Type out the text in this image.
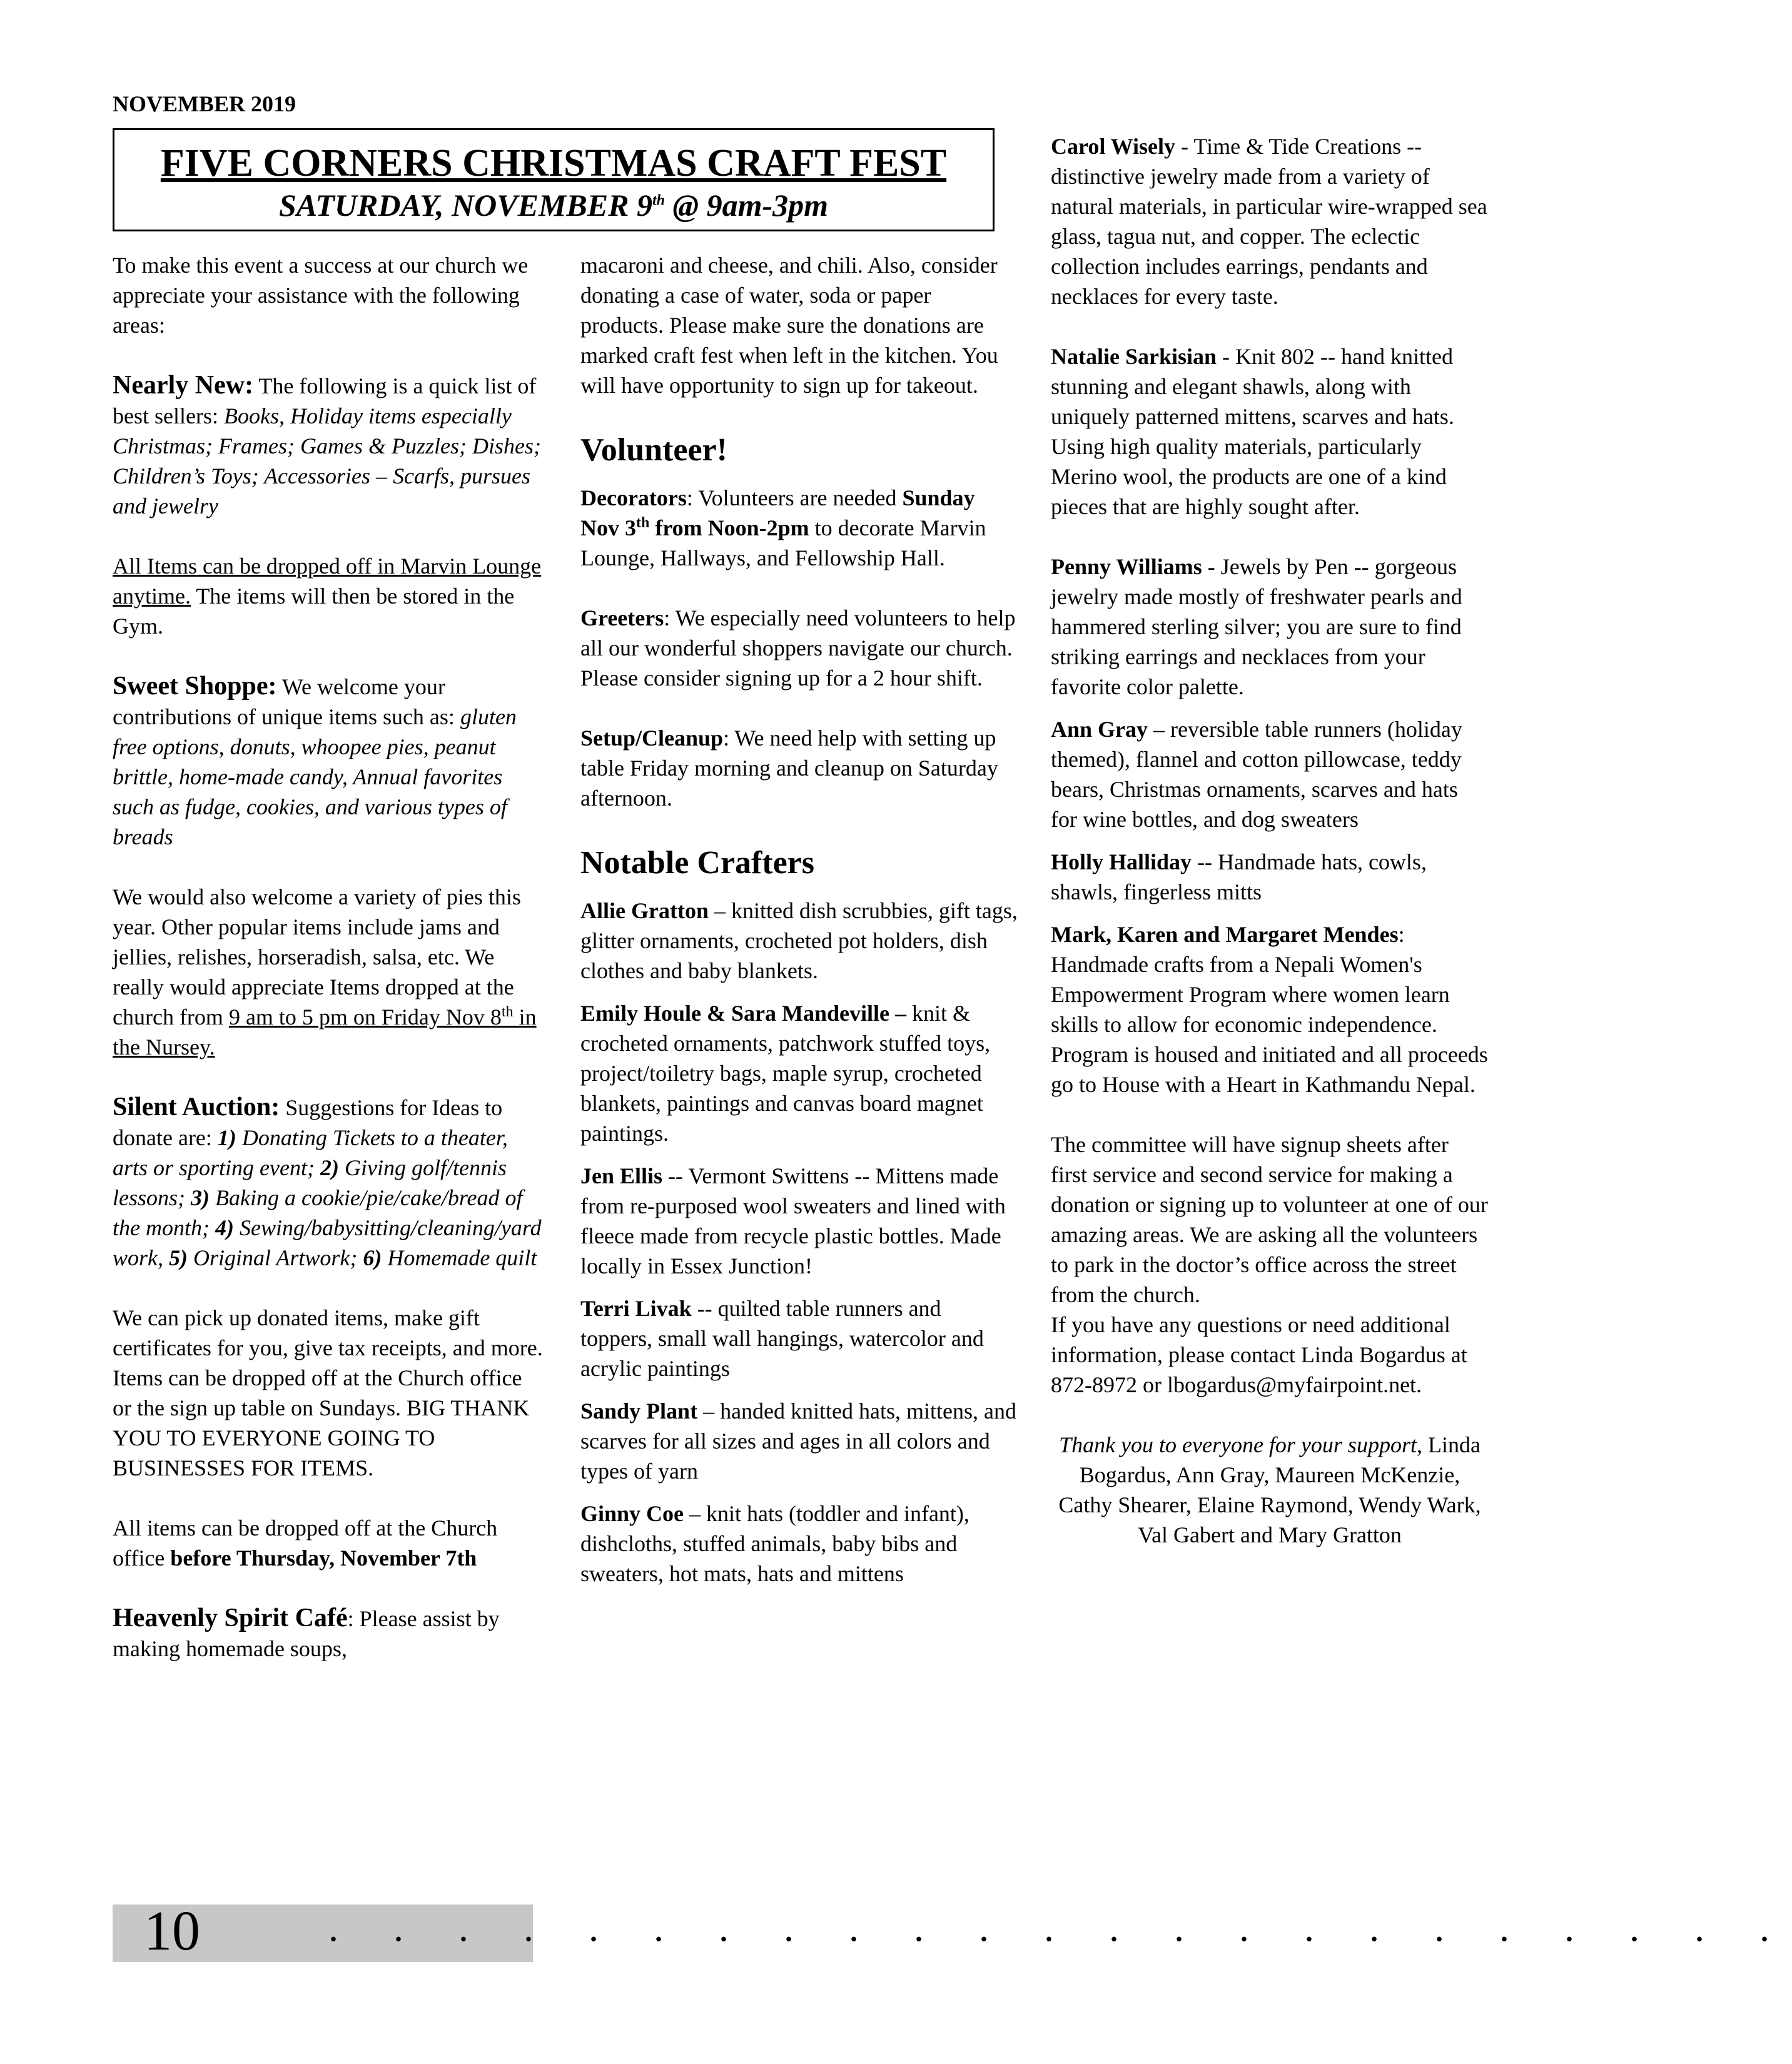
NOVEMBER 2019
FIVE CORNERS CHRISTMAS CRAFT FEST
SATURDAY, NOVEMBER 9th @ 9am-3pm

To make this event a success at our church we appreciate your assistance with the following areas:

Nearly New: The following is a quick list of best sellers: Books, Holiday items especially Christmas; Frames; Games & Puzzles; Dishes; Children’s Toys; Accessories – Scarfs, pursues and jewelry

All Items can be dropped off in Marvin Lounge anytime. The items will then be stored in the Gym.

Sweet Shoppe: We welcome your contributions of unique items such as: gluten free options, donuts, whoopee pies, peanut brittle, home-made candy, Annual favorites such as fudge, cookies, and various types of breads

We would also welcome a variety of pies this year. Other popular items include jams and jellies, relishes, horseradish, salsa, etc. We really would appreciate Items dropped at the church from 9 am to 5 pm on Friday Nov 8th in the Nursey.

Silent Auction: Suggestions for Ideas to donate are: 1) Donating Tickets to a theater, arts or sporting event; 2) Giving golf/tennis lessons; 3) Baking a cookie/pie/cake/bread of the month; 4) Sewing/babysitting/cleaning/yard work, 5) Original Artwork; 6) Homemade quilt

We can pick up donated items, make gift certificates for you, give tax receipts, and more. Items can be dropped off at the Church office or the sign up table on Sundays. BIG THANK YOU TO EVERYONE GOING TO BUSINESSES FOR ITEMS.

All items can be dropped off at the Church office before Thursday, November 7th

Heavenly Spirit Café: Please assist by making homemade soups,

macaroni and cheese, and chili. Also, consider donating a case of water, soda or paper products. Please make sure the donations are marked craft fest when left in the kitchen. You will have opportunity to sign up for takeout.

Volunteer!

Decorators: Volunteers are needed Sunday Nov 3th from Noon-2pm to decorate Marvin Lounge, Hallways, and Fellowship Hall.

Greeters: We especially need volunteers to help all our wonderful shoppers navigate our church. Please consider signing up for a 2 hour shift.

Setup/Cleanup: We need help with setting up table Friday morning and cleanup on Saturday afternoon.

Notable Crafters

Allie Gratton – knitted dish scrubbies, gift tags, glitter ornaments, crocheted pot holders, dish clothes and baby blankets.

Emily Houle & Sara Mandeville – knit & crocheted ornaments, patchwork stuffed toys, project/toiletry bags, maple syrup, crocheted blankets, paintings and canvas board magnet paintings.

Jen Ellis -- Vermont Swittens -- Mittens made from re-purposed wool sweaters and lined with fleece made from recycle plastic bottles. Made locally in Essex Junction!

Terri Livak -- quilted table runners and toppers, small wall hangings, watercolor and acrylic paintings

Sandy Plant – handed knitted hats, mittens, and scarves for all sizes and ages in all colors and types of yarn

Ginny Coe – knit hats (toddler and infant), dishcloths, stuffed animals, baby bibs and sweaters, hot mats, hats and mittens

Carol Wisely - Time & Tide Creations -- distinctive jewelry made from a variety of natural materials, in particular wire-wrapped sea glass, tagua nut, and copper. The eclectic collection includes earrings, pendants and necklaces for every taste.

Natalie Sarkisian - Knit 802 -- hand knitted stunning and elegant shawls, along with uniquely patterned mittens, scarves and hats. Using high quality materials, particularly Merino wool, the products are one of a kind pieces that are highly sought after.

Penny Williams - Jewels by Pen -- gorgeous jewelry made mostly of freshwater pearls and hammered sterling silver; you are sure to find striking earrings and necklaces from your favorite color palette.

Ann Gray – reversible table runners (holiday themed), flannel and cotton pillowcase, teddy bears, Christmas ornaments, scarves and hats for wine bottles, and dog sweaters

Holly Halliday -- Handmade hats, cowls, shawls, fingerless mitts

Mark, Karen and Margaret Mendes: Handmade crafts from a Nepali Women's Empowerment Program where women learn skills to allow for economic independence. Program is housed and initiated and all proceeds go to House with a Heart in Kathmandu Nepal.

The committee will have signup sheets after first service and second service for making a donation or signing up to volunteer at one of our amazing areas. We are asking all the volunteers to park in the doctor’s office across the street from the church.

If you have any questions or need additional information, please contact Linda Bogardus at 872-8972 or lbogardus@myfairpoint.net.

Thank you to everyone for your support, Linda Bogardus, Ann Gray, Maureen McKenzie, Cathy Shearer, Elaine Raymond, Wendy Wark, Val Gabert and Mary Gratton

10	. . . . . . . . . . . . . . . . . . . . . . .
